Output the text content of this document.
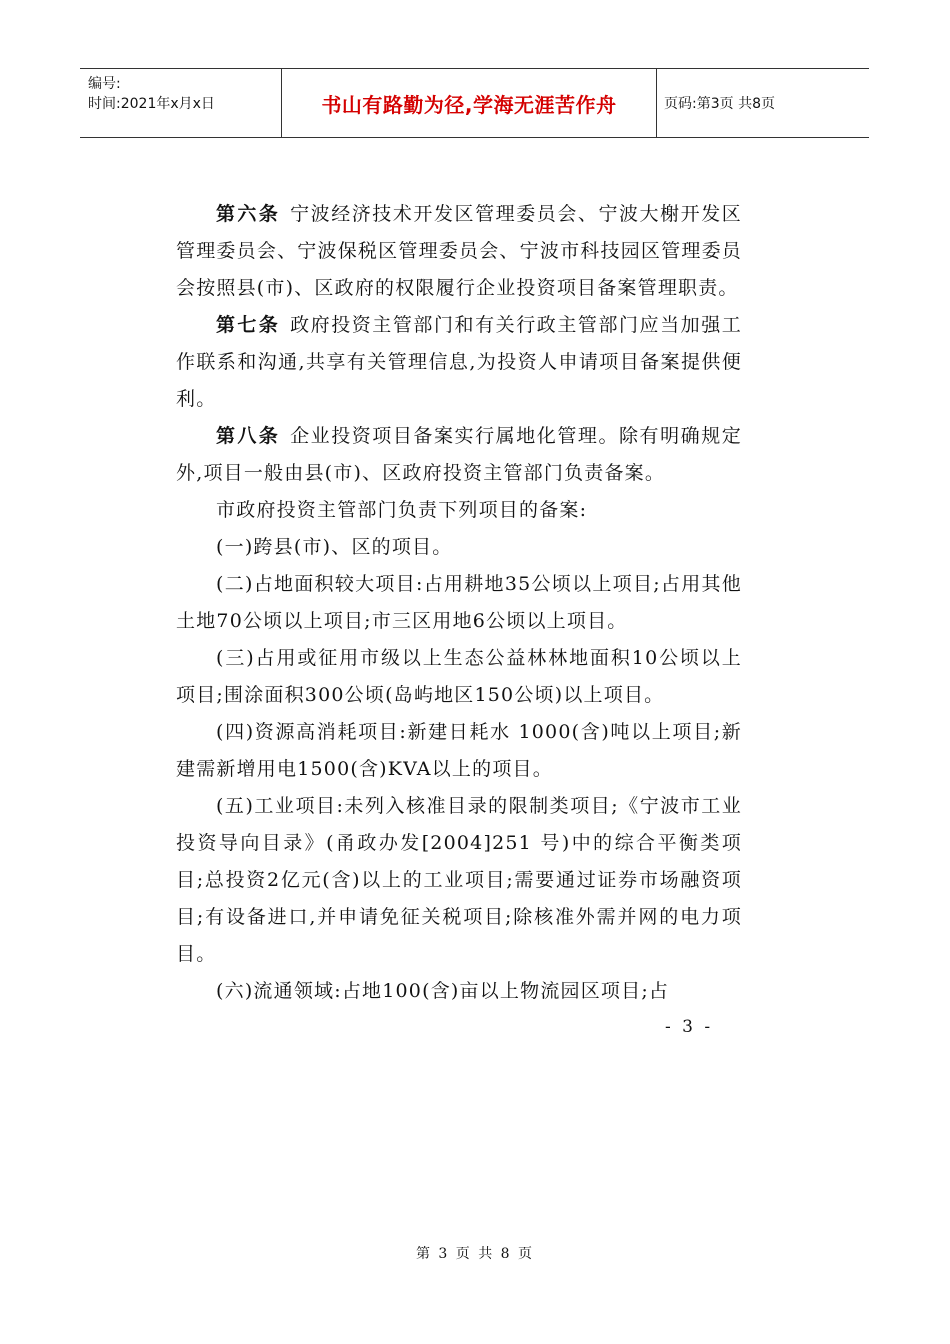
编号:
时间:2021年x月x日	书山有路勤为径,学海无涯苦作舟	页码:第3页 共8页

第六条 宁波经济技术开发区管理委员会、宁波大榭开发区管理委员会、宁波保税区管理委员会、宁波市科技园区管理委员会按照县(市)、区政府的权限履行企业投资项目备案管理职责。

第七条 政府投资主管部门和有关行政主管部门应当加强工作联系和沟通,共享有关管理信息,为投资人申请项目备案提供便利。

第八条 企业投资项目备案实行属地化管理。除有明确规定外,项目一般由县(市)、区政府投资主管部门负责备案。

市政府投资主管部门负责下列项目的备案:

(一)跨县(市)、区的项目。

(二)占地面积较大项目:占用耕地35公顷以上项目;占用其他土地70公顷以上项目;市三区用地6公顷以上项目。

(三)占用或征用市级以上生态公益林林地面积10公顷以上项目;围涂面积300公顷(岛屿地区150公顷)以上项目。

(四)资源高消耗项目:新建日耗水 1000(含)吨以上项目;新建需新增用电1500(含)KVA以上的项目。

(五)工业项目:未列入核准目录的限制类项目;《宁波市工业投资导向目录》(甬政办发[2004]251 号)中的综合平衡类项目;总投资2亿元(含)以上的工业项目;需要通过证券市场融资项目;有设备进口,并申请免征关税项目;除核准外需并网的电力项目。

(六)流通领域:占地100(含)亩以上物流园区项目;占

- 3 -
第 3 页 共 8 页
